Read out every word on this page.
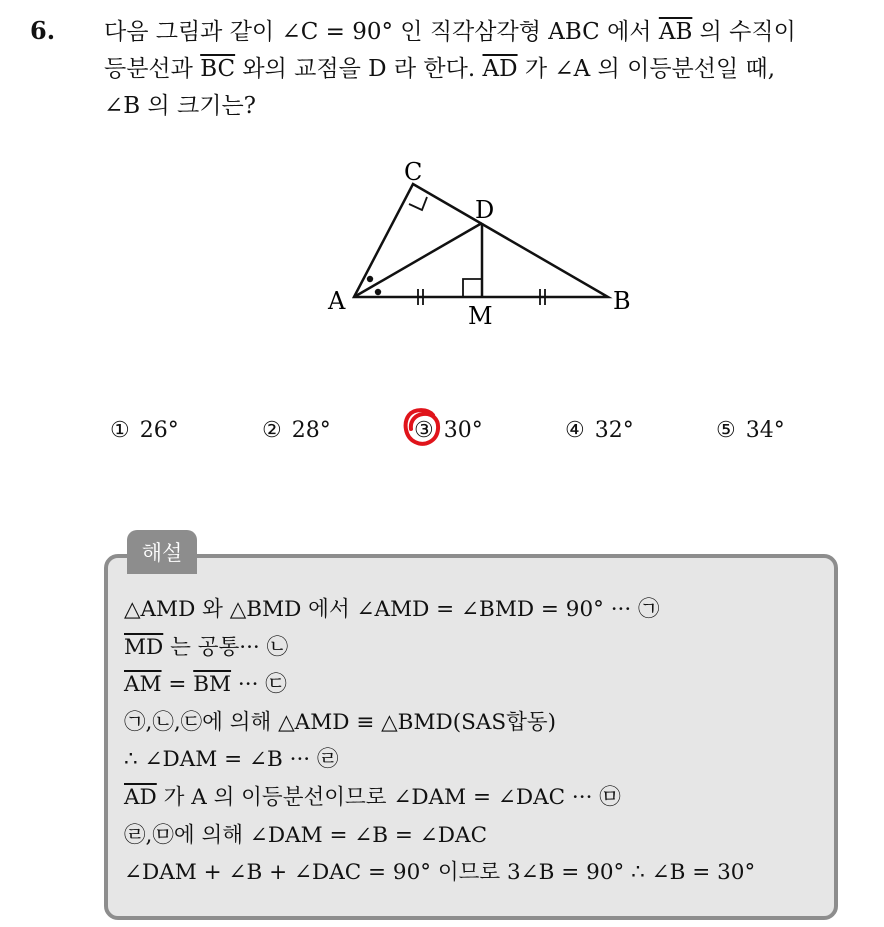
6. 다음 그림과 같이 ∠C = 90° 인 직각삼각형 ABC 에서 $\overline{AB}$ 의 수직이
등분선과 $\overline{BC}$ 와의 교점을 D 라 한다. $\overline{AD}$ 가 ∠A 의 이등분선일 때,
∠B 의 크기는?
A	B
C
D
M
① 26°	② 28°	③ 30°	④ 32°	⑤ 34°
해설
△AMD 와 △BMD 에서 ∠AMD = ∠BMD = 90° ··· ㉠
$\overline{MD}$ 는 공통··· ㉡
$\overline{AM} = \overline{BM}$ ··· ㉢
㉠,㉡,㉢에 의해 △AMD ≡ △BMD(SAS합동)
∴ ∠DAM = ∠B ··· ㉣
$\overline{AD}$ 가 A 의 이등분선이므로 ∠DAM = ∠DAC ··· ㉤
㉣,㉤에 의해 ∠DAM = ∠B = ∠DAC
∠DAM + ∠B + ∠DAC = 90° 이므로 3∠B = 90° ∴ ∠B = 30°
